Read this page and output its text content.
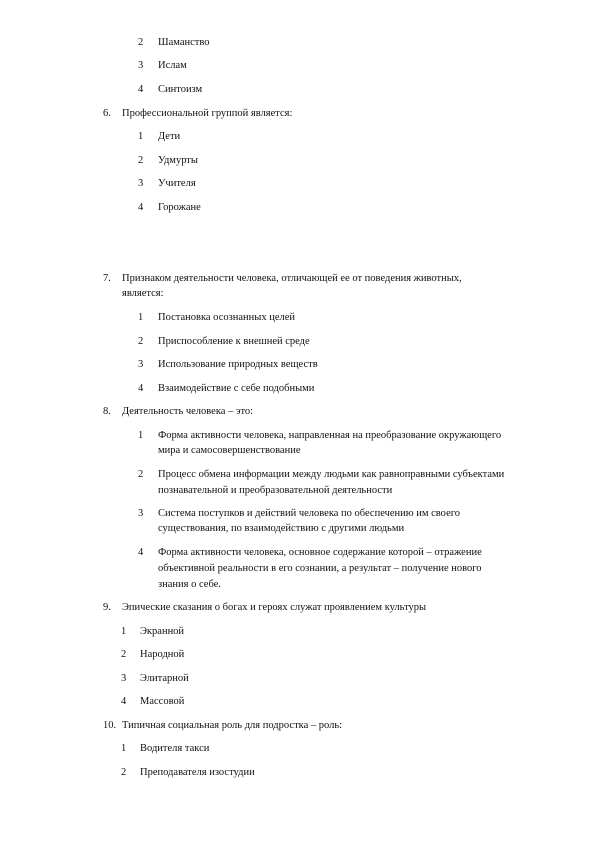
2 Шаманство
3 Ислам
4 Синтоизм
6. Профессиональной группой является:
1 Дети
2 Удмурты
3 Учителя
4 Горожане
7. Признаком деятельности человека, отличающей ее от поведения животных,
является:
1 Постановка осознанных целей
2 Приспособление к внешней среде
3 Использование природных веществ
4 Взаимодействие с себе подобными
8. Деятельность человека – это:
1 Форма активности человека, направленная на преобразование окружающего
мира и самосовершенствование
2 Процесс обмена информации между людьми как равноправными субъектами
познавательной и преобразовательной деятельности
3 Система поступков и действий человека по обеспечению им своего
существования, по взаимодействию с другими людьми
4 Форма активности человека, основное содержание которой – отражение
объективной реальности в его сознании, а результат – получение нового
знания о себе.
9. Эпические сказания о богах и героях служат проявлением культуры
1 Экранной
2 Народной
3 Элитарной
4 Массовой
10. Типичная социальная роль для подростка – роль:
1 Водителя такси
2 Преподавателя изостудии
